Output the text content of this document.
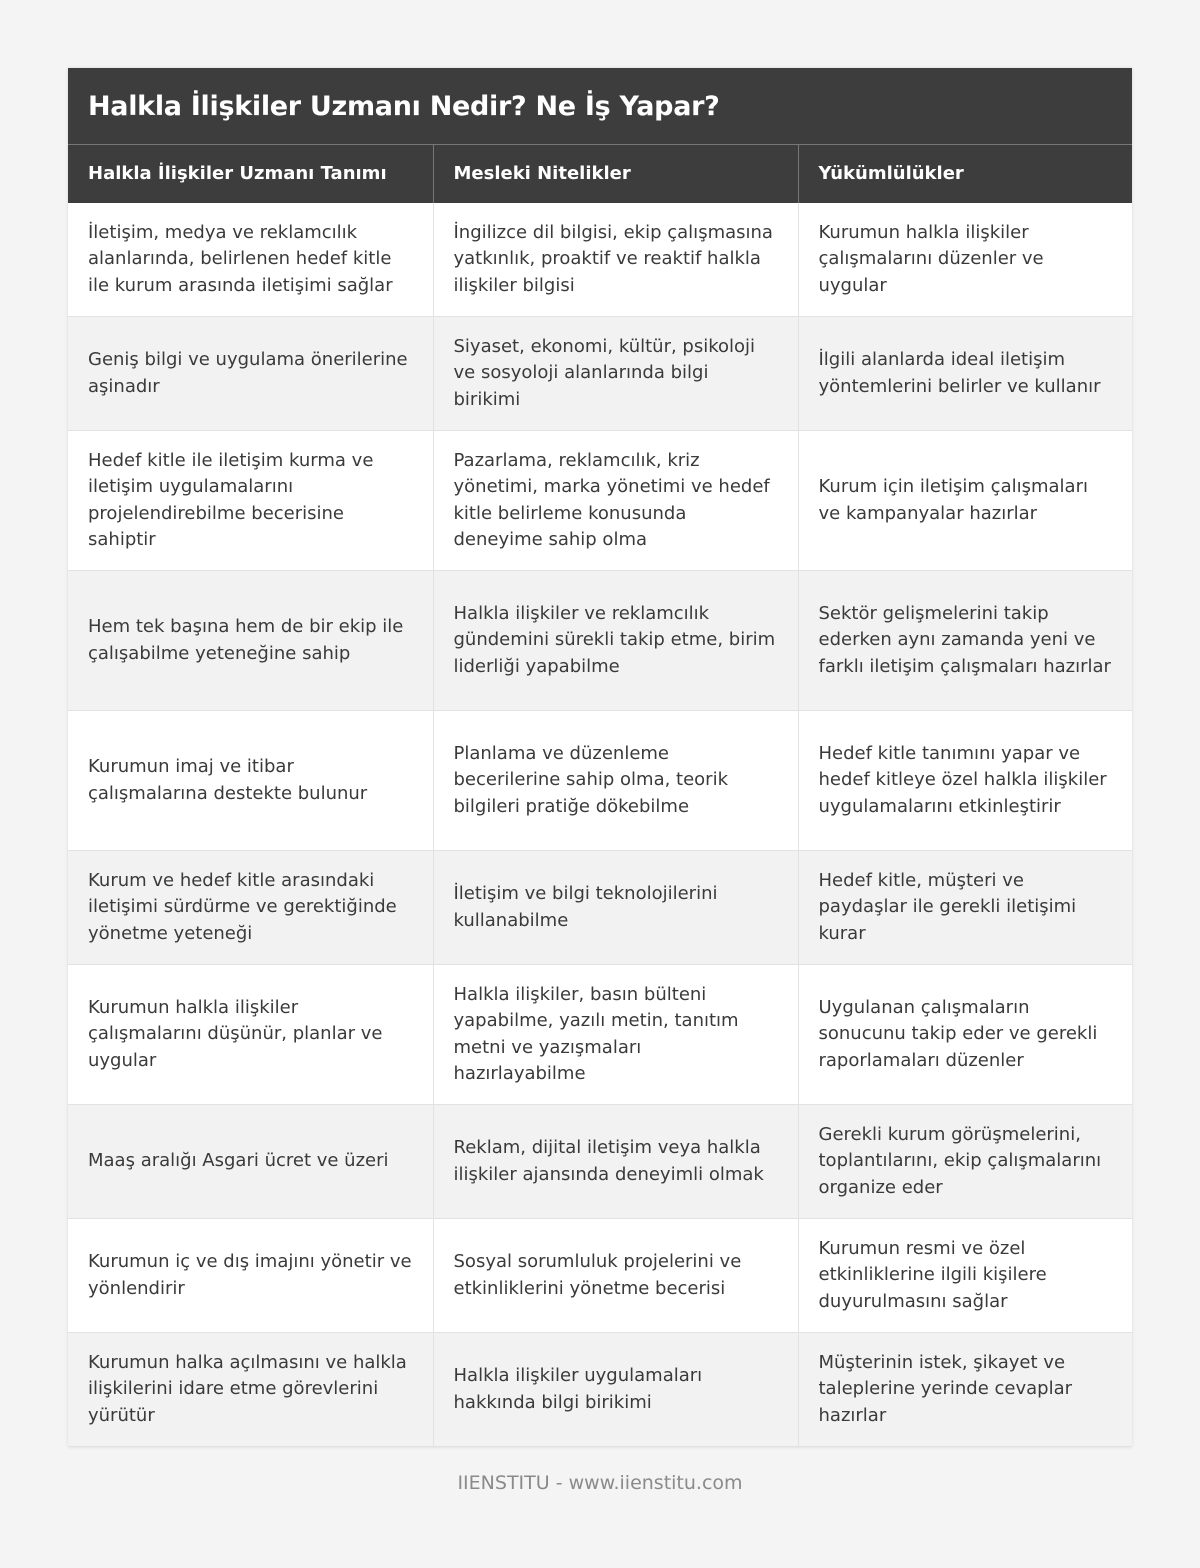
Halkla İlişkiler Uzmanı Nedir? Ne İş Yapar?
Halkla İlişkiler Uzmanı Tanımı	Mesleki Nitelikler	Yükümlülükler
İletişim, medya ve reklamcılık alanlarında, belirlenen hedef kitle ile kurum arasında iletişimi sağlar	İngilizce dil bilgisi, ekip çalışmasına yatkınlık, proaktif ve reaktif halkla ilişkiler bilgisi	Kurumun halkla ilişkiler çalışmalarını düzenler ve uygular
Geniş bilgi ve uygulama önerilerine aşinadır	Siyaset, ekonomi, kültür, psikoloji ve sosyoloji alanlarında bilgi birikimi	İlgili alanlarda ideal iletişim yöntemlerini belirler ve kullanır
Hedef kitle ile iletişim kurma ve iletişim uygulamalarını projelendirebilme becerisine sahiptir	Pazarlama, reklamcılık, kriz yönetimi, marka yönetimi ve hedef kitle belirleme konusunda deneyime sahip olma	Kurum için iletişim çalışmaları ve kampanyalar hazırlar
Hem tek başına hem de bir ekip ile çalışabilme yeteneğine sahip	Halkla ilişkiler ve reklamcılık gündemini sürekli takip etme, birim liderliği yapabilme	Sektör gelişmelerini takip ederken aynı zamanda yeni ve farklı iletişim çalışmaları hazırlar
Kurumun imaj ve itibar çalışmalarına destekte bulunur	Planlama ve düzenleme becerilerine sahip olma, teorik bilgileri pratiğe dökebilme	Hedef kitle tanımını yapar ve hedef kitleye özel halkla ilişkiler uygulamalarını etkinleştirir
Kurum ve hedef kitle arasındaki iletişimi sürdürme ve gerektiğinde yönetme yeteneği	İletişim ve bilgi teknolojilerini kullanabilme	Hedef kitle, müşteri ve paydaşlar ile gerekli iletişimi kurar
Kurumun halkla ilişkiler çalışmalarını düşünür, planlar ve uygular	Halkla ilişkiler, basın bülteni yapabilme, yazılı metin, tanıtım metni ve yazışmaları hazırlayabilme	Uygulanan çalışmaların sonucunu takip eder ve gerekli raporlamaları düzenler
Maaş aralığı Asgari ücret ve üzeri	Reklam, dijital iletişim veya halkla ilişkiler ajansında deneyimli olmak	Gerekli kurum görüşmelerini, toplantılarını, ekip çalışmalarını organize eder
Kurumun iç ve dış imajını yönetir ve yönlendirir	Sosyal sorumluluk projelerini ve etkinliklerini yönetme becerisi	Kurumun resmi ve özel etkinliklerine ilgili kişilere duyurulmasını sağlar
Kurumun halka açılmasını ve halkla ilişkilerini idare etme görevlerini yürütür	Halkla ilişkiler uygulamaları hakkında bilgi birikimi	Müşterinin istek, şikayet ve taleplerine yerinde cevaplar hazırlar
IIENSTITU - www.iienstitu.com
